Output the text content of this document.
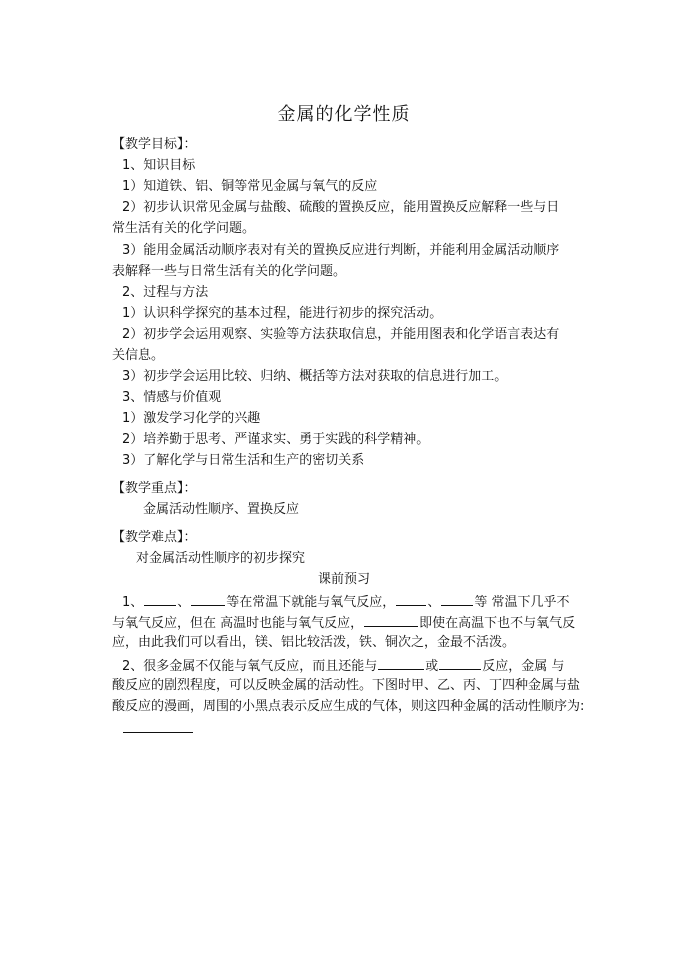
金属的化学性质
【教学目标】：
1、知识目标
1）知道铁、铝、铜等常见金属与氧气的反应
2）初步认识常见金属与盐酸、硫酸的置换反应，能用置换反应解释一些与日
常生活有关的化学问题。
3）能用金属活动顺序表对有关的置换反应进行判断，并能利用金属活动顺序
表解释一些与日常生活有关的化学问题。
2、过程与方法
1）认识科学探究的基本过程，能进行初步的探究活动。
2）初步学会运用观察、实验等方法获取信息，并能用图表和化学语言表达有
关信息。
3）初步学会运用比较、归纳、概括等方法对获取的信息进行加工。
3、情感与价值观
1）激发学习化学的兴趣
2）培养勤于思考、严谨求实、勇于实践的科学精神。
3）了解化学与日常生活和生产的密切关系
【教学重点】：
金属活动性顺序、置换反应
【教学难点】：
对金属活动性顺序的初步探究
课前预习
1、	、	等在常温下就能与氧气反应， 、	等 常温下几乎不
与氧气反应，但在 高温时也能与氧气反应，	即使在高温下也不与氧气反
应，由此我们可以看出，镁、铝比较活泼，铁、铜次之，金最不活泼。
2、很多金属不仅能与氧气反应，而且还能与	或	反应，金属 与
酸反应的剧烈程度，可以反映金属的活动性。下图时甲、乙、丙、丁四种金属与盐
酸反应的漫画，周围的小黑点表示反应生成的气体，则这四种金属的活动性顺序为:
